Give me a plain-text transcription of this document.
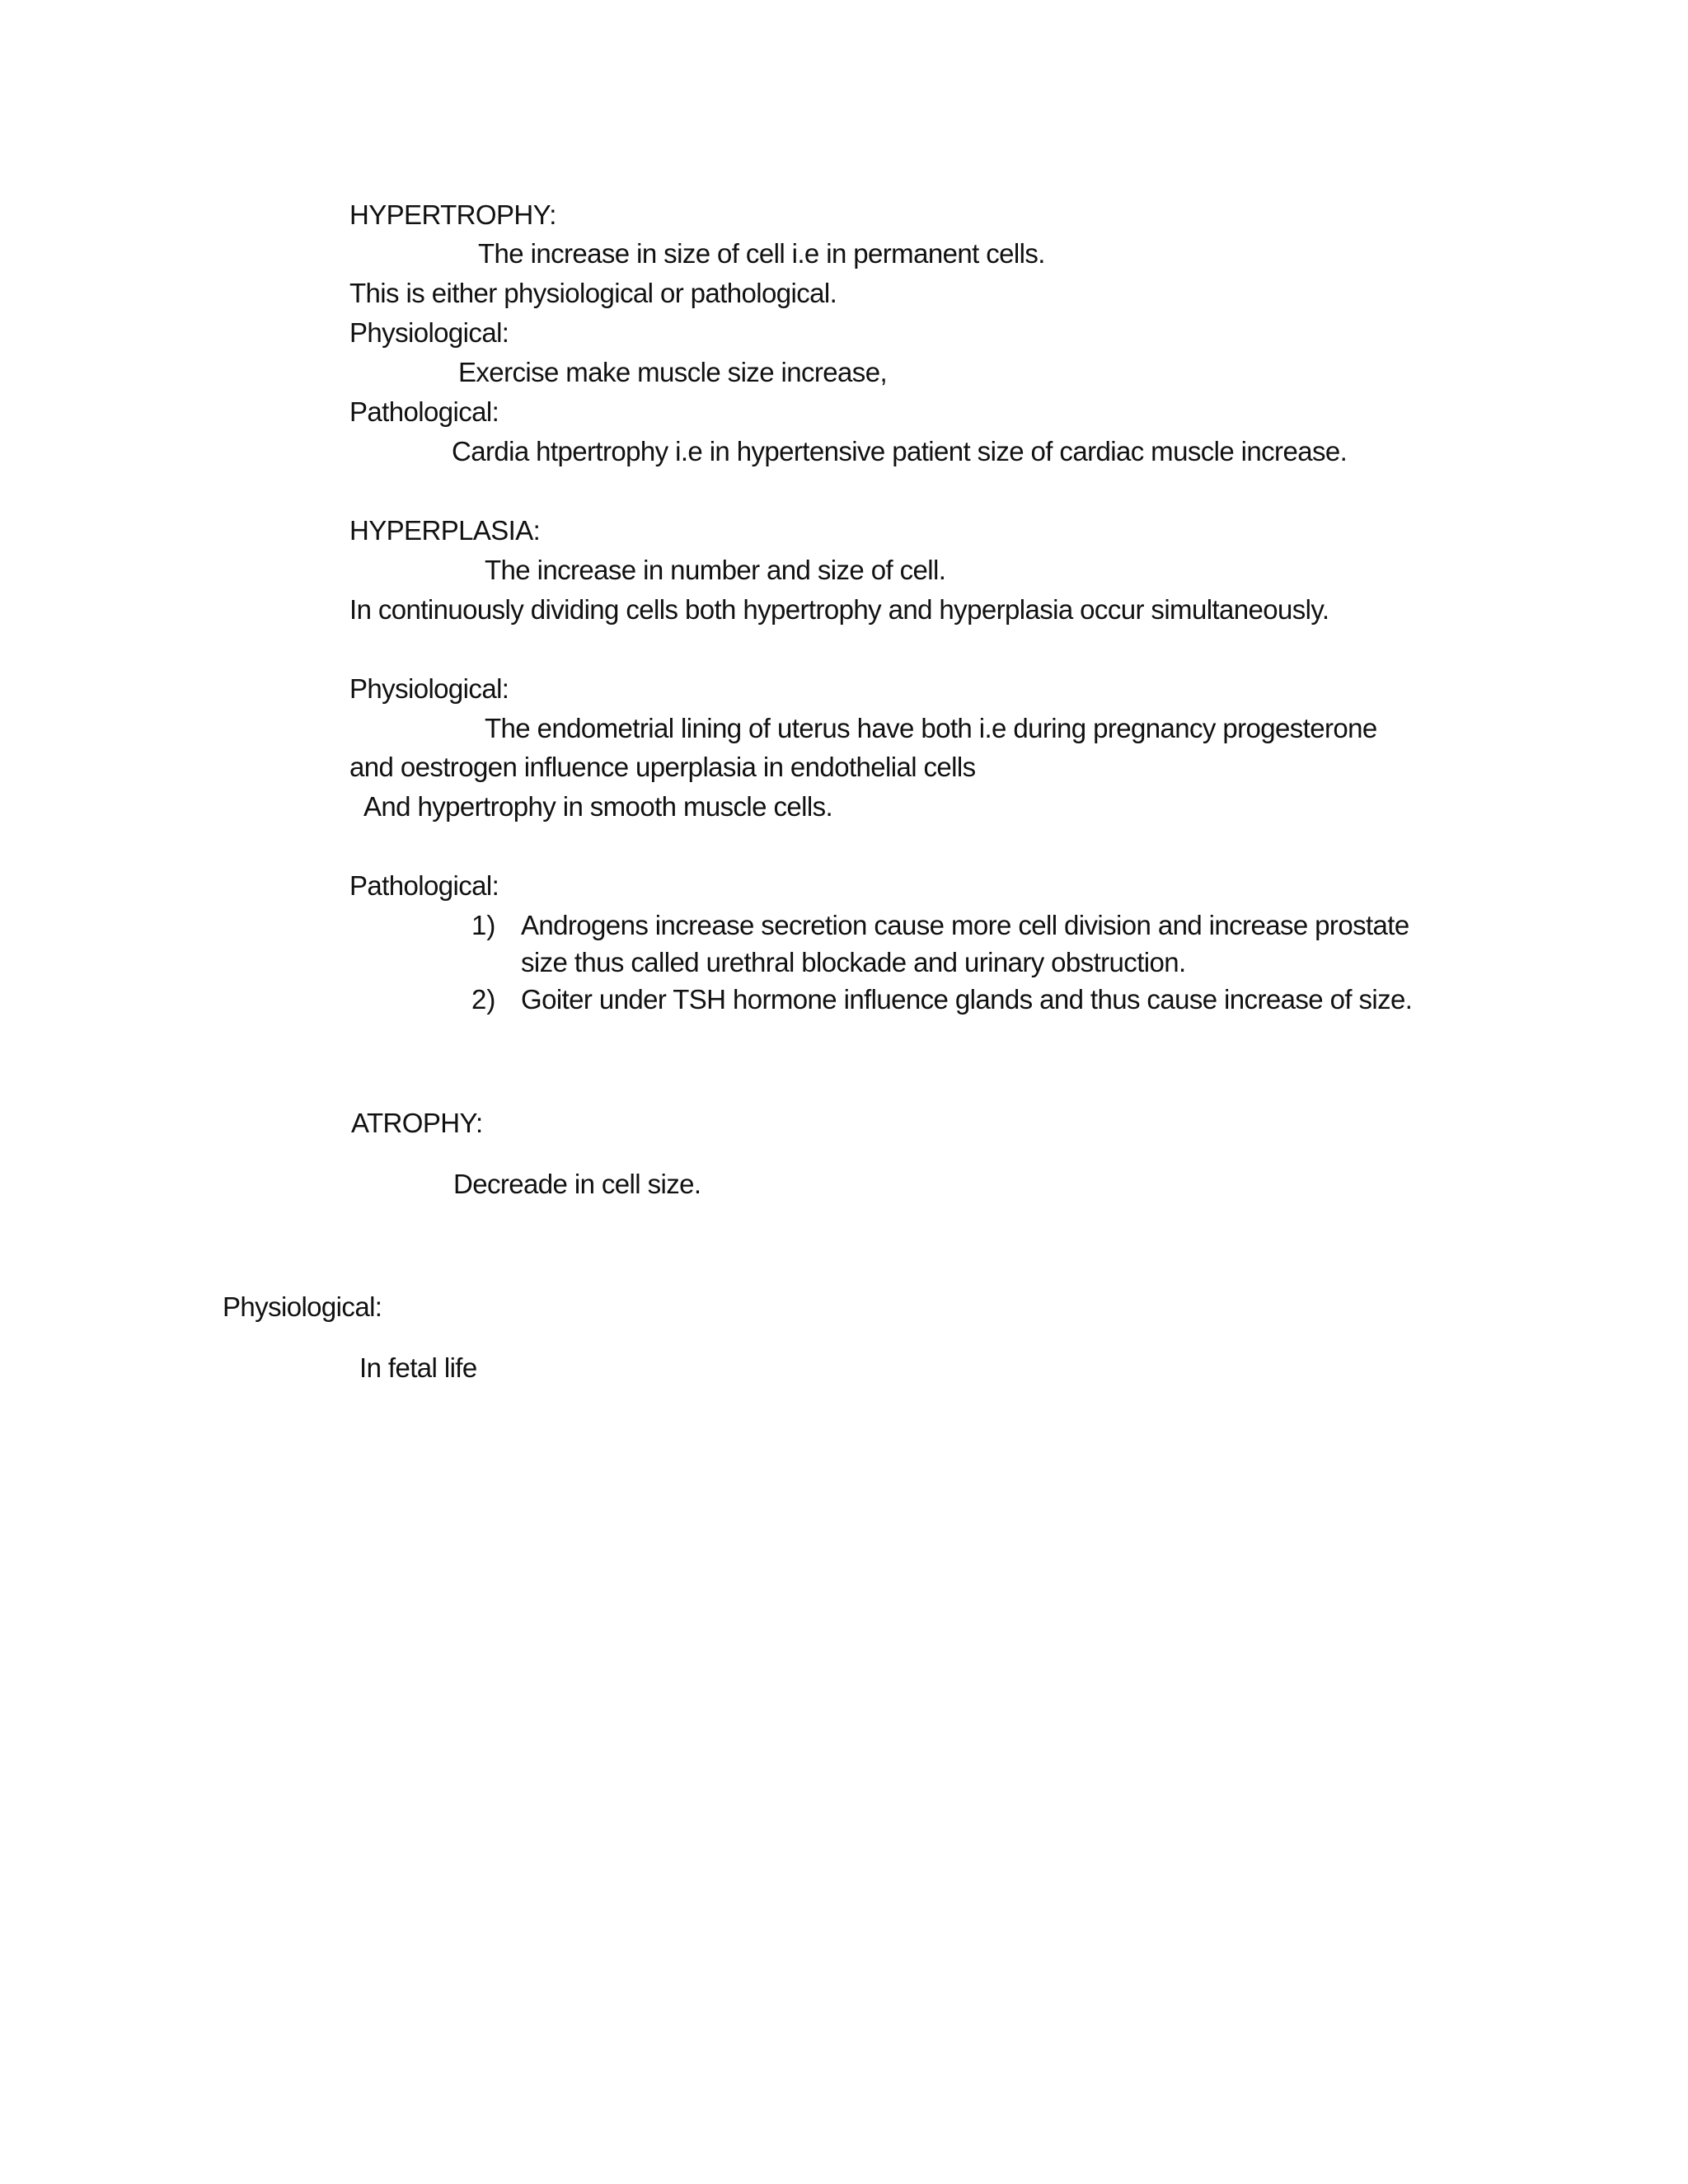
HYPERTROPHY:

The increase in size of cell i.e in permanent cells.

This is either physiological or pathological.

Physiological:

Exercise make muscle size increase,

Pathological:

Cardia htpertrophy i.e in hypertensive patient size of cardiac muscle increase.

HYPERPLASIA:

The increase in number and size of cell.

In continuously dividing cells both hypertrophy and hyperplasia occur simultaneously.

Physiological:

The endometrial lining of uterus have both i.e during pregnancy progesterone

and oestrogen influence uperplasia in endothelial cells

And hypertrophy in smooth muscle cells.

Pathological:

1) Androgens increase secretion cause more cell division and increase prostate

size thus called urethral blockade and urinary obstruction.

2) Goiter under TSH hormone influence glands and thus cause increase of size.

ATROPHY:

Decreade in cell size.

Physiological:

In fetal life
